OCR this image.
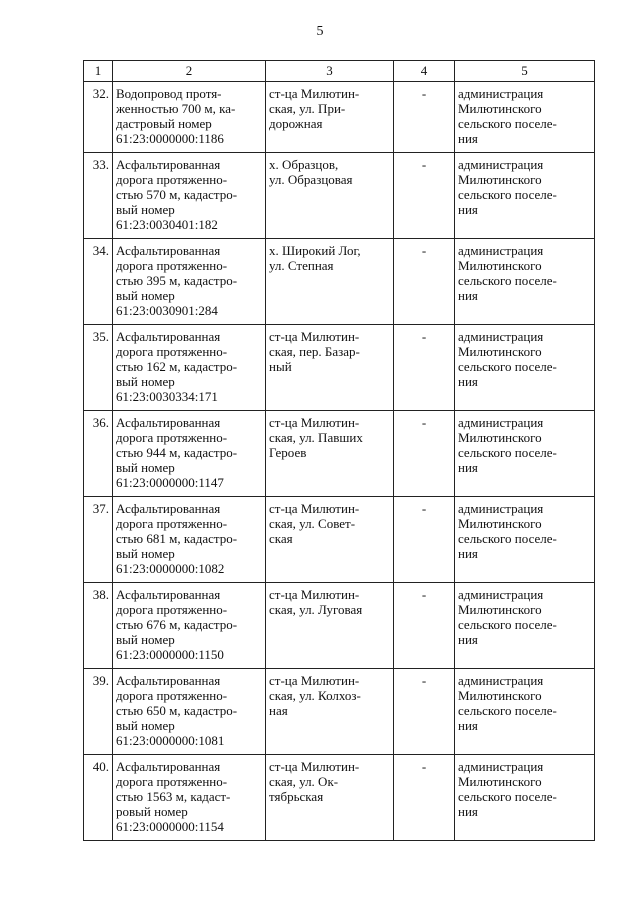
5
1	2	3	4	5
32.	Водопровод протя-
женностью 700 м, ка-
дастровый номер
61:23:0000000:1186	ст-ца Милютин-
ская, ул. При-
дорожная	-	администрация
Милютинского
сельского поселе-
ния
33.	Асфальтированная
дорога протяженно-
стью 570 м, кадастро-
вый номер
61:23:0030401:182	х. Образцов,
ул. Образцовая	-	администрация
Милютинского
сельского поселе-
ния
34.	Асфальтированная
дорога протяженно-
стью 395 м, кадастро-
вый номер
61:23:0030901:284	х. Широкий Лог,
ул. Степная	-	администрация
Милютинского
сельского поселе-
ния
35.	Асфальтированная
дорога протяженно-
стью 162 м, кадастро-
вый номер
61:23:0030334:171	ст-ца Милютин-
ская, пер. Базар-
ный	-	администрация
Милютинского
сельского поселе-
ния
36.	Асфальтированная
дорога протяженно-
стью 944 м, кадастро-
вый номер
61:23:0000000:1147	ст-ца Милютин-
ская, ул. Павших
Героев	-	администрация
Милютинского
сельского поселе-
ния
37.	Асфальтированная
дорога протяженно-
стью 681 м, кадастро-
вый номер
61:23:0000000:1082	ст-ца Милютин-
ская, ул. Совет-
ская	-	администрация
Милютинского
сельского поселе-
ния
38.	Асфальтированная
дорога протяженно-
стью 676 м, кадастро-
вый номер
61:23:0000000:1150	ст-ца Милютин-
ская, ул. Луговая	-	администрация
Милютинского
сельского поселе-
ния
39.	Асфальтированная
дорога протяженно-
стью 650 м, кадастро-
вый номер
61:23:0000000:1081	ст-ца Милютин-
ская, ул. Колхоз-
ная	-	администрация
Милютинского
сельского поселе-
ния
40.	Асфальтированная
дорога протяженно-
стью 1563 м, кадаст-
ровый номер
61:23:0000000:1154	ст-ца Милютин-
ская, ул. Ок-
тябрьская	-	администрация
Милютинского
сельского поселе-
ния
